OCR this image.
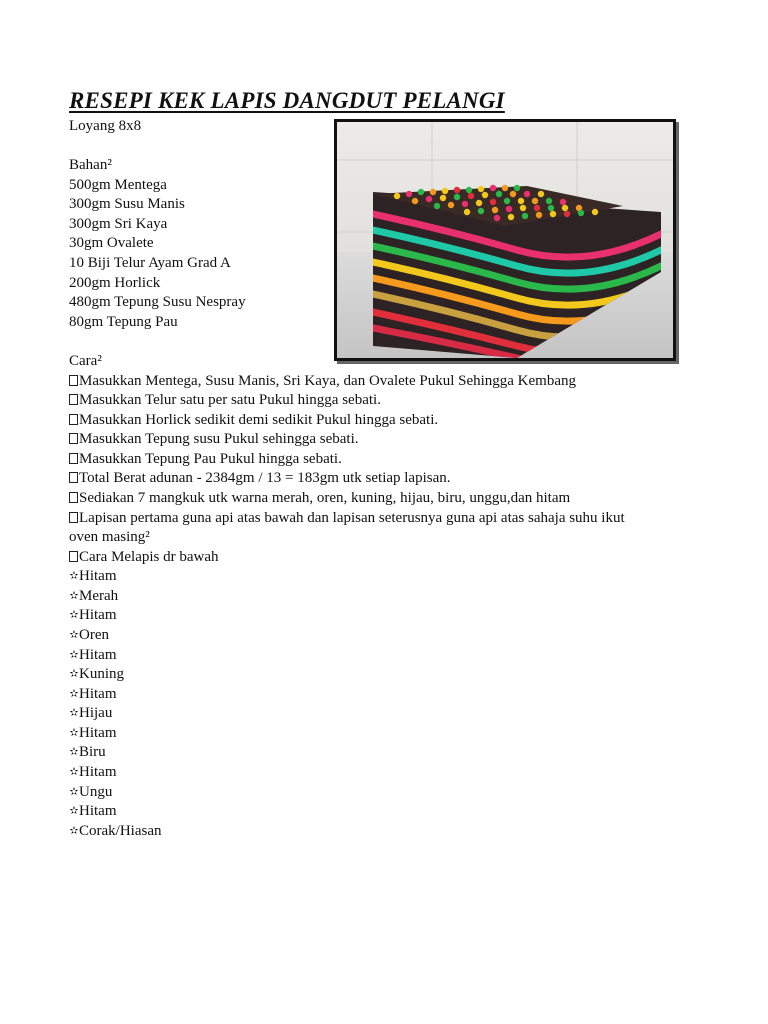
RESEPI KEK LAPIS DANGDUT PELANGI
Loyang 8x8
Bahan²
500gm Mentega
300gm Susu Manis
300gm Sri Kaya
30gm Ovalete
10 Biji Telur Ayam Grad A
200gm Horlick
480gm Tepung Susu Nespray
80gm Tepung Pau
Cara²
Masukkan Mentega, Susu Manis, Sri Kaya, dan Ovalete Pukul Sehingga Kembang
Masukkan Telur satu per satu Pukul hingga sebati.
Masukkan Horlick sedikit demi sedikit Pukul hingga sebati.
Masukkan Tepung susu Pukul sehingga sebati.
Masukkan Tepung Pau Pukul hingga sebati.
Total Berat adunan - 2384gm / 13 = 183gm utk setiap lapisan.
Sediakan 7 mangkuk utk warna merah, oren, kuning, hijau, biru, unggu,dan hitam
Lapisan pertama guna api atas bawah dan lapisan seterusnya guna api atas sahaja suhu ikut
oven masing²
Cara Melapis dr bawah
✫Hitam
✫Merah
✫Hitam
✫Oren
✫Hitam
✫Kuning
✫Hitam
✫Hijau
✫Hitam
✫Biru
✫Hitam
✫Ungu
✫Hitam
✫Corak/Hiasan
